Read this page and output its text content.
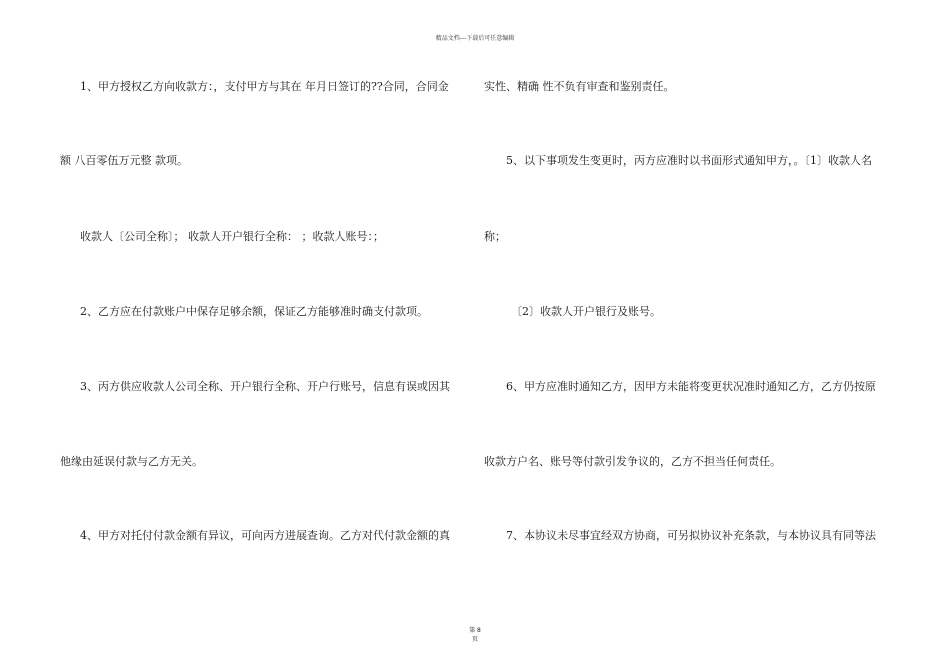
精品文档---下载后可任意编辑
1、甲方授权乙方向收款方：，支付甲方与其在 年月日签订的??合同，合同金
额 八百零伍万元整 款项。
收款人〔公司全称〕； 收款人开户银行全称： ；收款人账号：；
2、乙方应在付款账户中保存足够余额，保证乙方能够准时确支付款项。
3、丙方供应收款人公司全称、开户银行全称、开户行账号，信息有误或因其
他缘由延误付款与乙方无关。
4、甲方对托付付款金额有异议，可向丙方进展查询。乙方对代付款金额的真
实性、精确 性不负有审查和鉴别责任。
5、以下事项发生变更时，丙方应准时以书面形式通知甲方，。〔1〕收款人名
称；
〔2〕收款人开户银行及账号。
6、甲方应准时通知乙方，因甲方未能将变更状况准时通知乙方，乙方仍按原
收款方户名、账号等付款引发争议的，乙方不担当任何责任。
7、本协议未尽事宜经双方协商，可另拟协议补充条款，与本协议具有同等法
第 8
页
